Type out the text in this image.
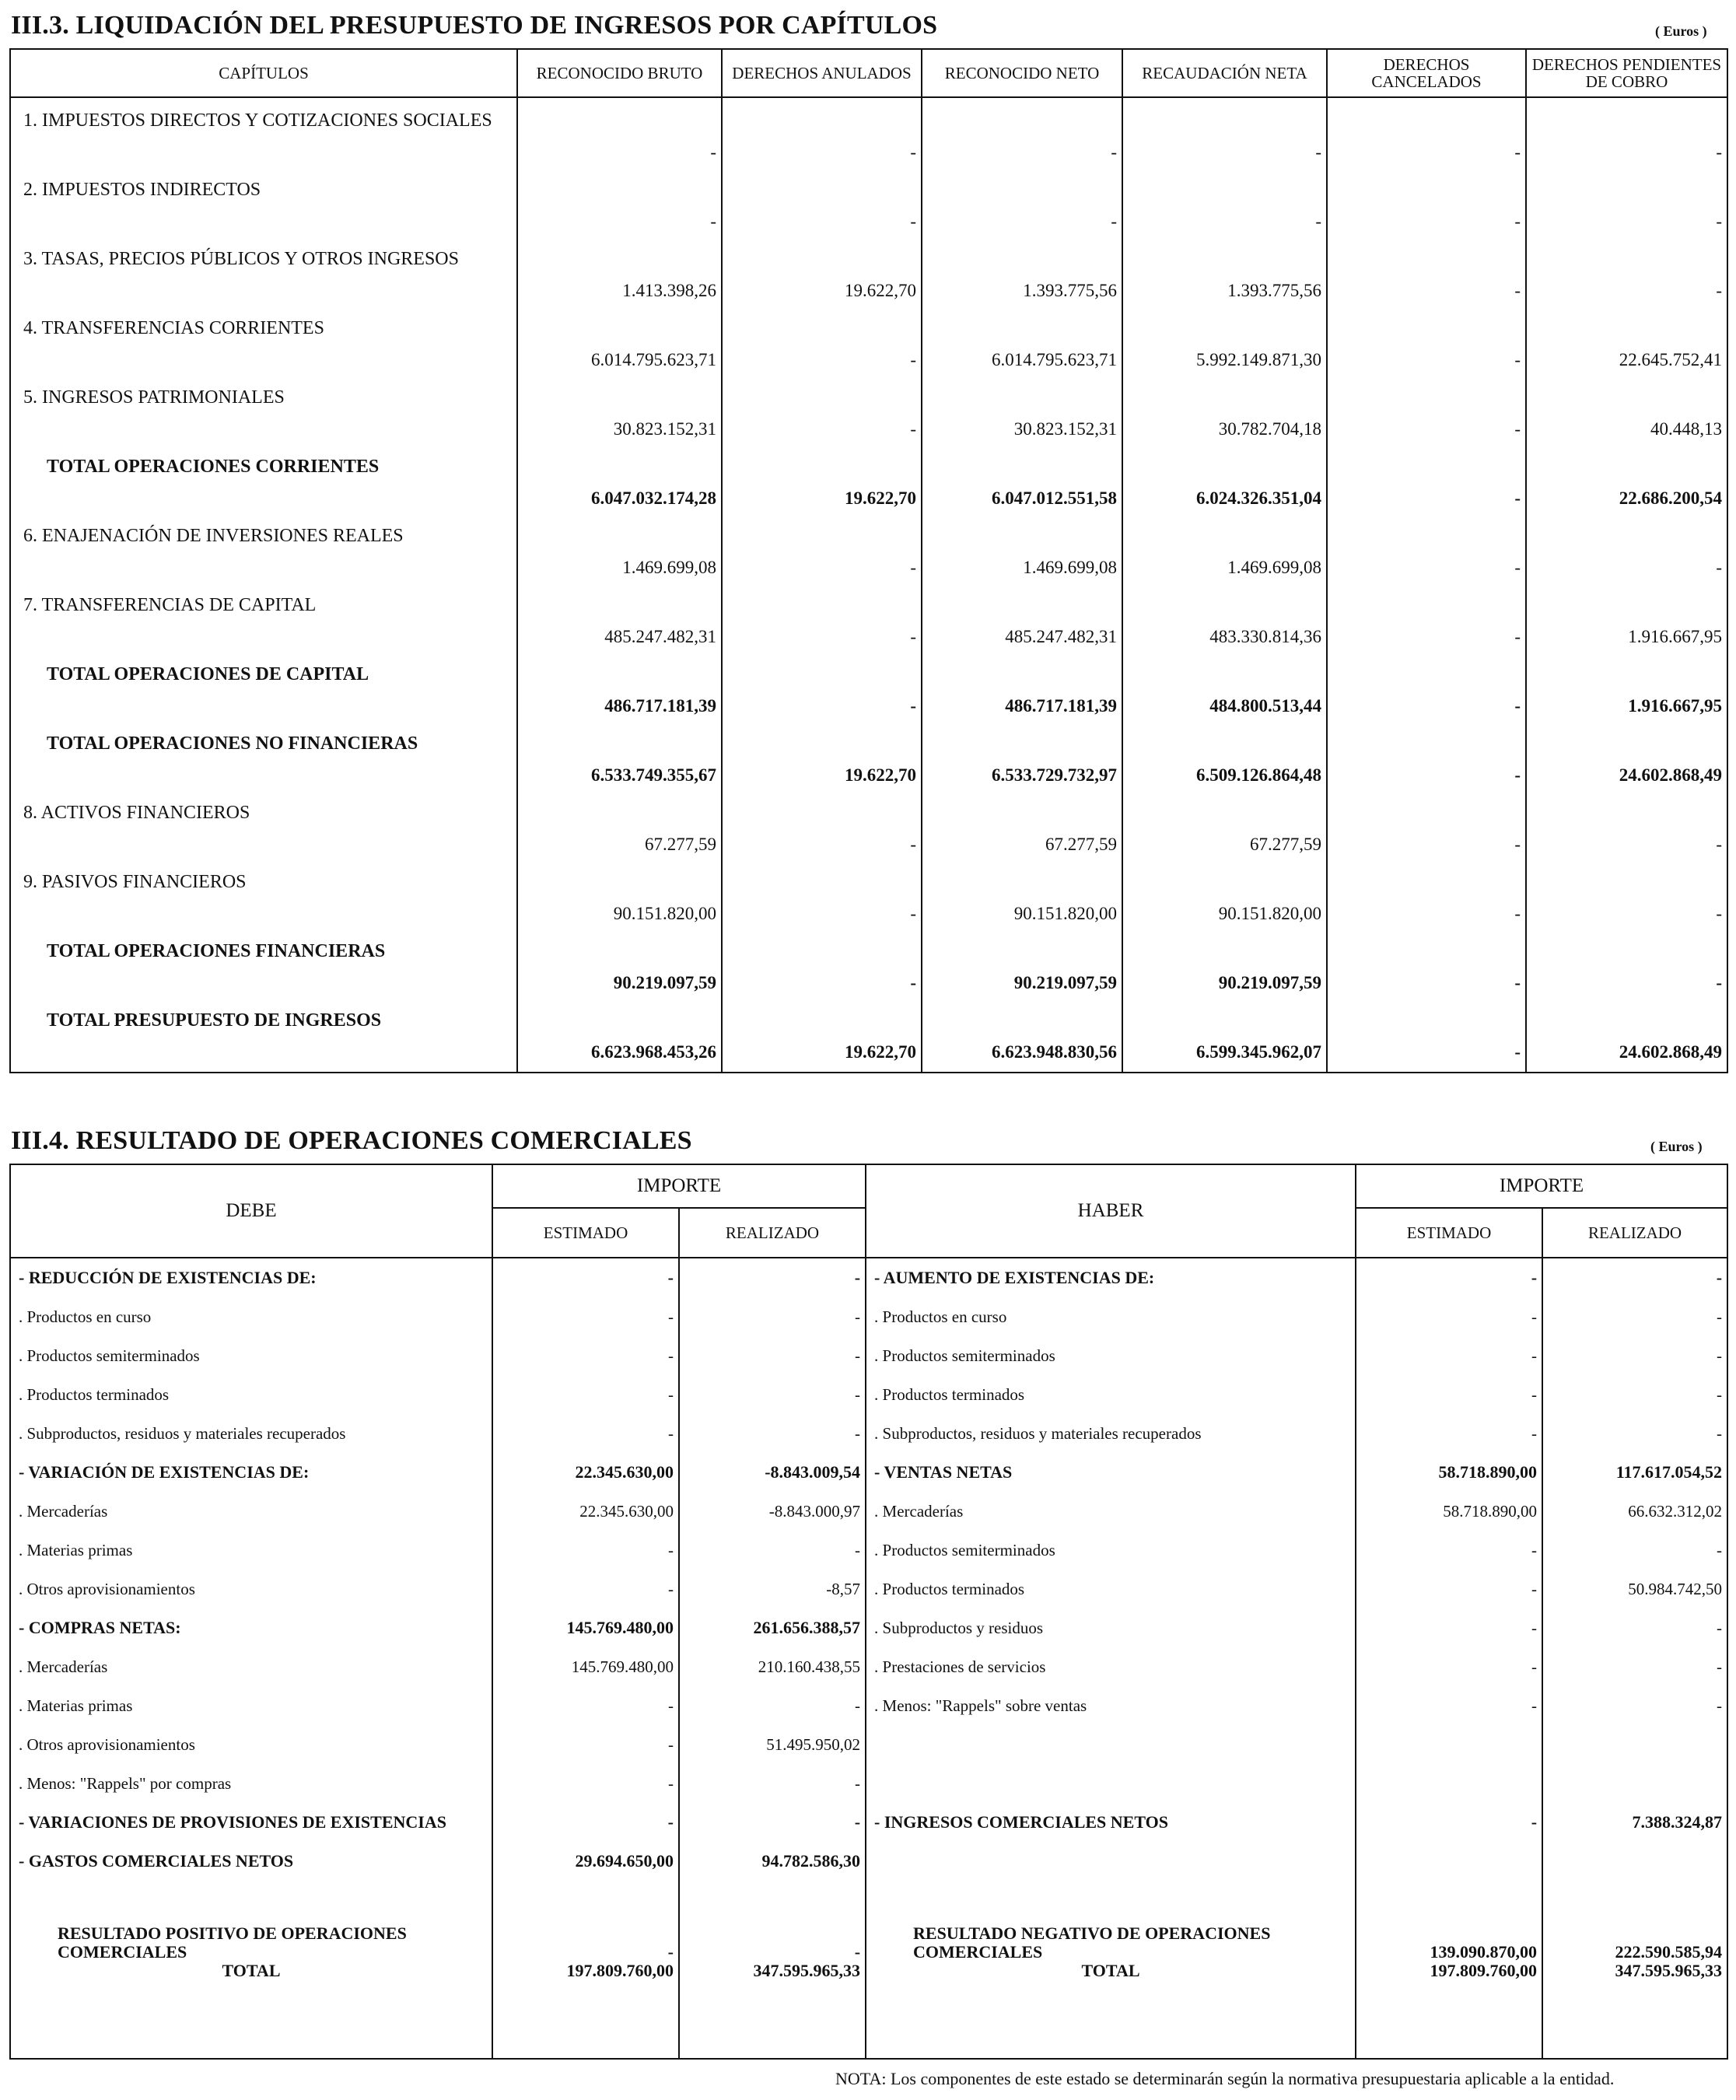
III.3. LIQUIDACIÓN DEL PRESUPUESTO DE INGRESOS POR CAPÍTULOS	( Euros )
CAPÍTULOS	RECONOCIDO BRUTO	DERECHOS ANULADOS	RECONOCIDO NETO	RECAUDACIÓN NETA	DERECHOS CANCELADOS	DERECHOS PENDIENTES DE COBRO
1. IMPUESTOS DIRECTOS Y COTIZACIONES SOCIALES	-	-	-	-	-	-
2. IMPUESTOS INDIRECTOS	-	-	-	-	-	-
3. TASAS, PRECIOS PÚBLICOS Y OTROS INGRESOS	1.413.398,26	19.622,70	1.393.775,56	1.393.775,56	-	-
4. TRANSFERENCIAS CORRIENTES	6.014.795.623,71	-	6.014.795.623,71	5.992.149.871,30	-	22.645.752,41
5. INGRESOS PATRIMONIALES	30.823.152,31	-	30.823.152,31	30.782.704,18	-	40.448,13
TOTAL OPERACIONES CORRIENTES	6.047.032.174,28	19.622,70	6.047.012.551,58	6.024.326.351,04	-	22.686.200,54
6. ENAJENACIÓN DE INVERSIONES REALES	1.469.699,08	-	1.469.699,08	1.469.699,08	-	-
7. TRANSFERENCIAS DE CAPITAL	485.247.482,31	-	485.247.482,31	483.330.814,36	-	1.916.667,95
TOTAL OPERACIONES DE CAPITAL	486.717.181,39	-	486.717.181,39	484.800.513,44	-	1.916.667,95
TOTAL OPERACIONES NO FINANCIERAS	6.533.749.355,67	19.622,70	6.533.729.732,97	6.509.126.864,48	-	24.602.868,49
8. ACTIVOS FINANCIEROS	67.277,59	-	67.277,59	67.277,59	-	-
9. PASIVOS FINANCIEROS	90.151.820,00	-	90.151.820,00	90.151.820,00	-	-
TOTAL OPERACIONES FINANCIERAS	90.219.097,59	-	90.219.097,59	90.219.097,59	-	-
TOTAL PRESUPUESTO DE INGRESOS	6.623.968.453,26	19.622,70	6.623.948.830,56	6.599.345.962,07	-	24.602.868,49

III.4. RESULTADO DE OPERACIONES COMERCIALES	( Euros )
DEBE	IMPORTE		HABER	IMPORTE	
	ESTIMADO	REALIZADO		ESTIMADO	REALIZADO
- REDUCCIÓN DE EXISTENCIAS DE:	-	-	- AUMENTO DE EXISTENCIAS DE:	-	-
. Productos en curso	-	-	. Productos en curso	-	-
. Productos semiterminados	-	-	. Productos semiterminados	-	-
. Productos terminados	-	-	. Productos terminados	-	-
. Subproductos, residuos y materiales recuperados	-	-	. Subproductos, residuos y materiales recuperados	-	-
- VARIACIÓN DE EXISTENCIAS DE:	22.345.630,00	-8.843.009,54	- VENTAS NETAS	58.718.890,00	117.617.054,52
. Mercaderías	22.345.630,00	-8.843.000,97	. Mercaderías	58.718.890,00	66.632.312,02
. Materias primas	-	-	. Productos semiterminados	-	-
. Otros aprovisionamientos	-	-8,57	. Productos terminados	-	50.984.742,50
- COMPRAS NETAS:	145.769.480,00	261.656.388,57	. Subproductos y residuos	-	-
. Mercaderías	145.769.480,00	210.160.438,55	. Prestaciones de servicios	-	-
. Materias primas	-	-	. Menos: "Rappels" sobre ventas	-	-
. Otros aprovisionamientos	-	51.495.950,02			
. Menos: "Rappels" por compras	-	-			
- VARIACIONES DE PROVISIONES DE EXISTENCIAS	-	-	- INGRESOS COMERCIALES NETOS	-	7.388.324,87
- GASTOS COMERCIALES NETOS	29.694.650,00	94.782.586,30			

RESULTADO POSITIVO DE OPERACIONES COMERCIALES	-	-	RESULTADO NEGATIVO DE OPERACIONES COMERCIALES	139.090.870,00	222.590.585,94
TOTAL	197.809.760,00	347.595.965,33	TOTAL	197.809.760,00	347.595.965,33

NOTA: Los componentes de este estado se determinarán según la normativa presupuestaria aplicable a la entidad.
